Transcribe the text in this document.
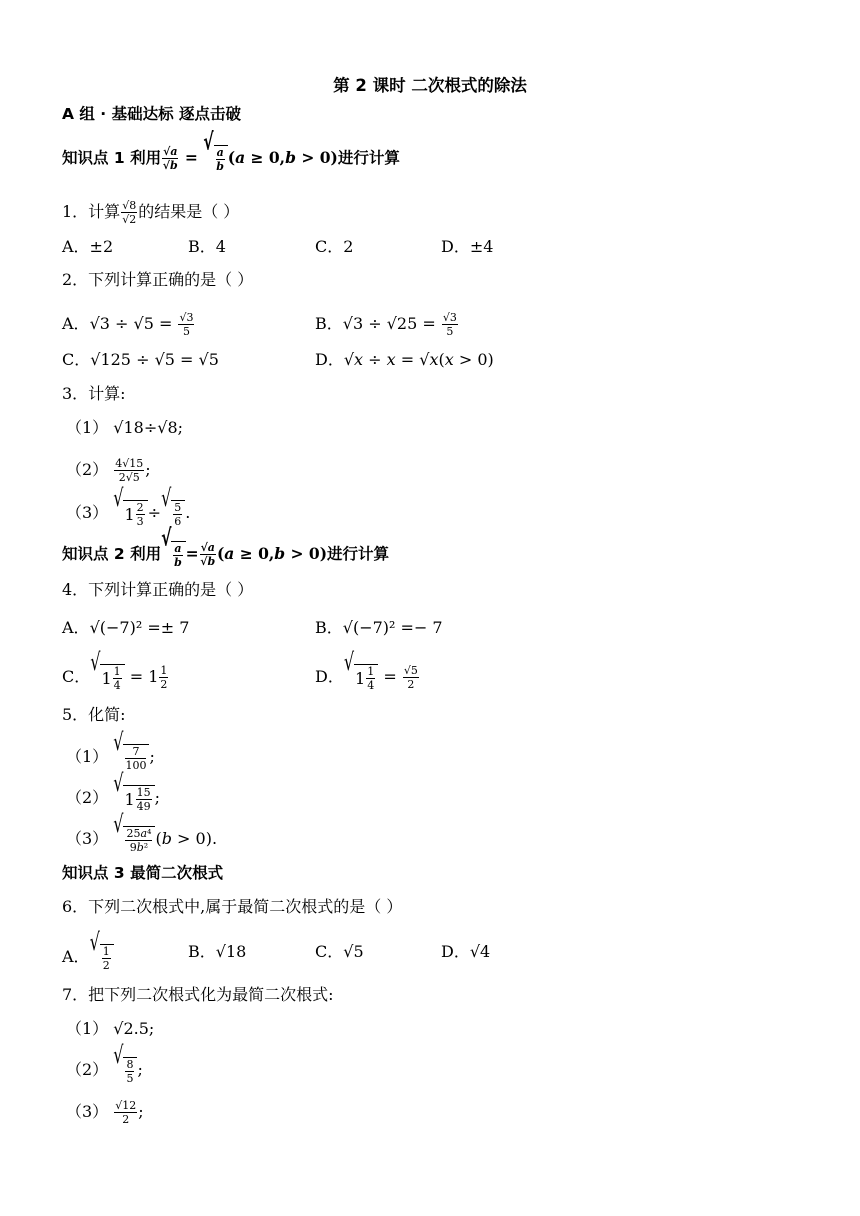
第 2 课时 二次根式的除法
A 组 · 基础达标 逐点击破
知识点 1 利用 $\frac{√a}{√b}$ =
√
$\frac{a}{b} (a \ge 0,b > 0)$进行计算
1．计算 $\frac{√8}{√2}$ 的结果是（ ）
A．±2	B．4	C．2	D．±4
2．下列计算正确的是（ ）
A．$√3 \div √5 = \frac{√3}{5}$	B．$√3 \div √25 = \frac{√3}{5}$
C．√125 ÷ √5 = √5	D．√x ÷ x = √x(x > 0)
3．计算:
（1） √18÷√8;
$(2) \frac{4√15}{2√5}$ ;
（3）
√
$1 \frac{2}{3}$ ÷
√
$\frac{5}{6}$ .
知识点 2 利用
√
$\frac{a}{b} = \frac{√a}{√b} (a \ge 0,b > 0)$进行计算
4．下列计算正确的是（ ）
A．√(−7)² =± 7	B．√(−7)² =− 7
C．
√
$1 \frac{1}{4} = 1 \frac{1}{2}$	D．
√
$1 \frac{1}{4} = \frac{√5}{2}$
5．化简:
（1）
√
$\frac{7}{100}$ ;
（2）
√
$1 \frac{15}{49}$ ;
（3）
√
$\frac{\text{25a⁴}}{\text{9b²}} (b > 0)$.
知识点 3 最简二次根式
6．下列二次根式中,属于最简二次根式的是（ ）
A．
√
$\frac{1}{2}$	B．√18	C．√5	D．√4
7．把下列二次根式化为最简二次根式:
（1） √2.5;
（2）
√
$\frac{8}{5}$ ;
$(3) \frac{√12}{2}$ ;
